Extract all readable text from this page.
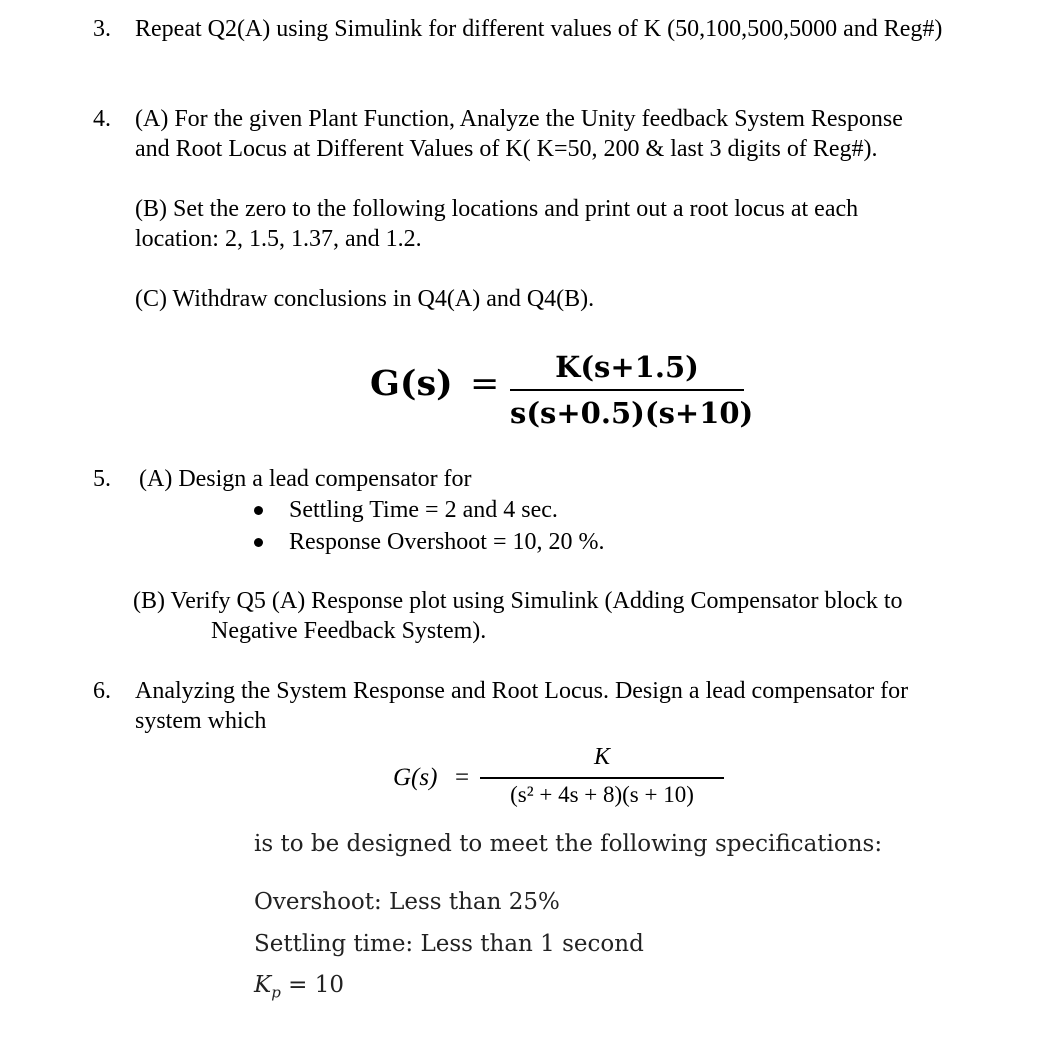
3. Repeat Q2(A) using Simulink for different values of K (50,100,500,5000 and Reg#)
4. (A) For the given Plant Function, Analyze the Unity feedback System Response
and Root Locus at Different Values of K( K=50, 200 & last 3 digits of Reg#).
(B) Set the zero to the following locations and print out a root locus at each
location: 2, 1.5, 1.37, and 1.2.
(C) Withdraw conclusions in Q4(A) and Q4(B).
G(s) =	K(s+1.5)
s(s+0.5)(s+10)
5. (A) Design a lead compensator for
Settling Time = 2 and 4 sec.
Response Overshoot = 10, 20 %.
(B) Verify Q5 (A) Response plot using Simulink (Adding Compensator block to
Negative Feedback System).
6. Analyzing the System Response and Root Locus. Design a lead compensator for
system which
G(s) =
K
(s² + 4s + 8)(s + 10)
is to be designed to meet the following specifications:
Overshoot: Less than 25%
Settling time: Less than 1 second
$K_p = 10$
